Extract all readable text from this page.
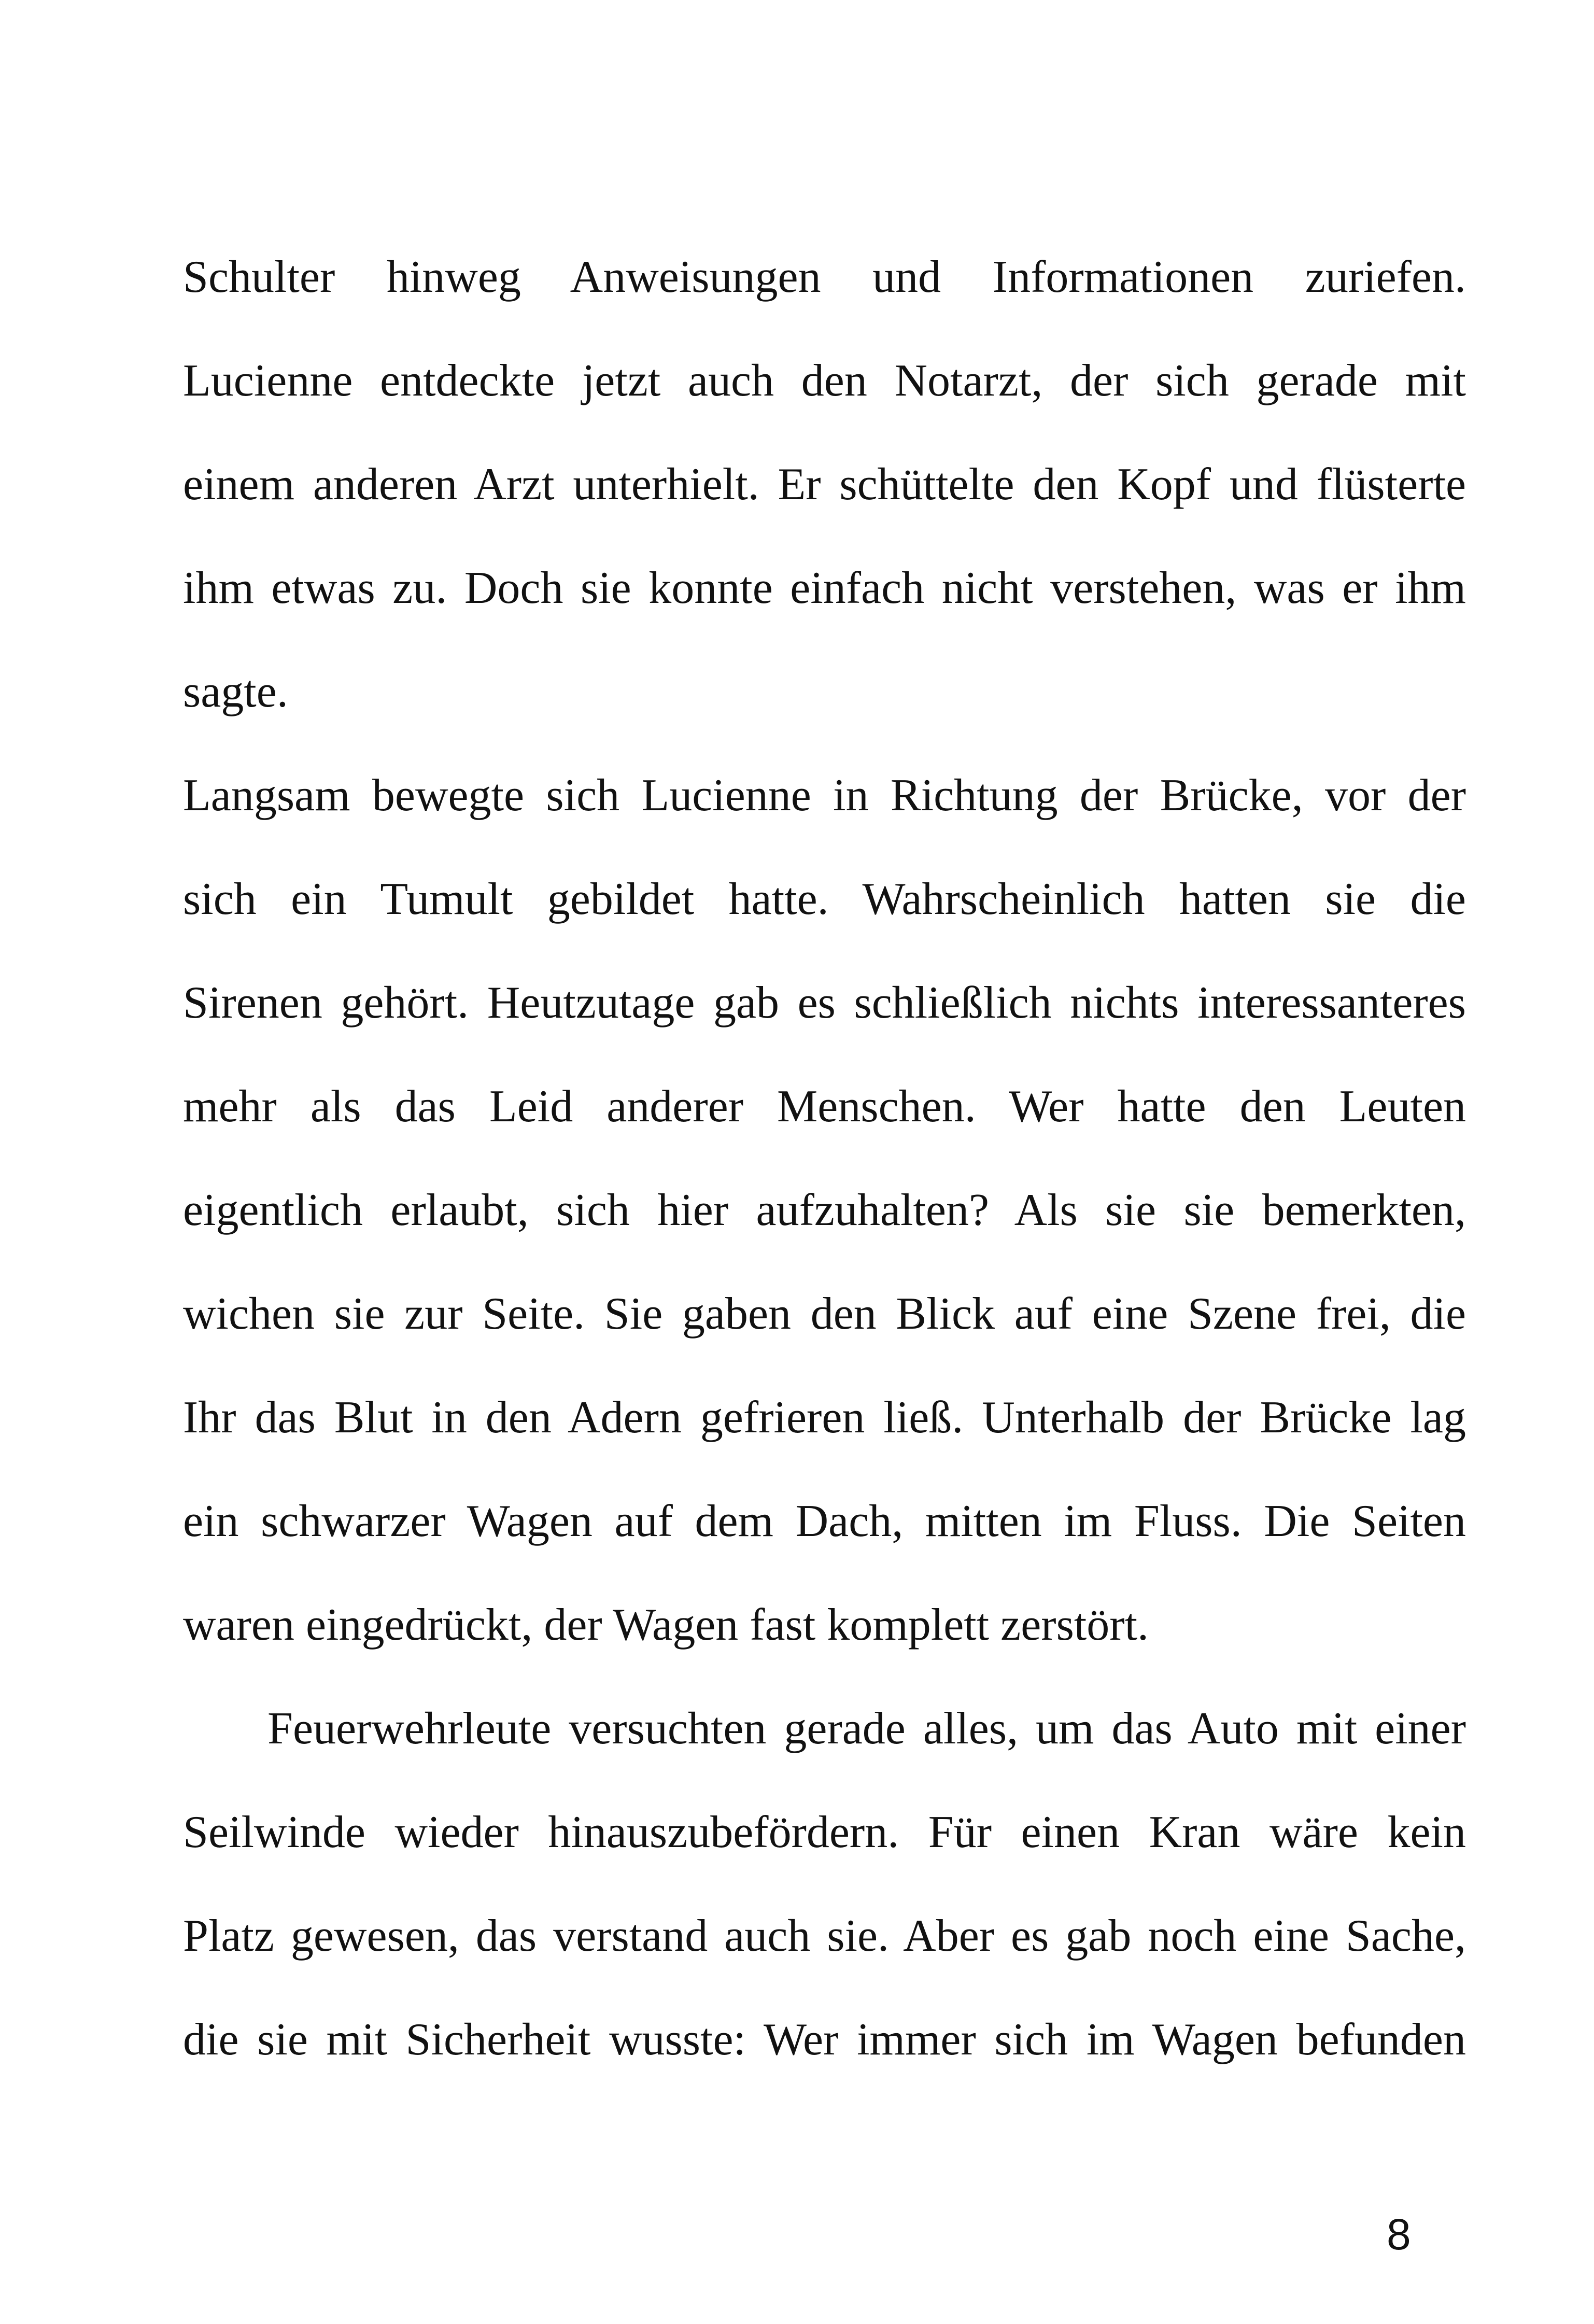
Schulter hinweg Anweisungen und Informationen zuriefen.
Lucienne entdeckte jetzt auch den Notarzt, der sich gerade mit
einem anderen Arzt unterhielt. Er schüttelte den Kopf und flüsterte
ihm etwas zu. Doch sie konnte einfach nicht verstehen, was er ihm
sagte.
Langsam bewegte sich Lucienne in Richtung der Brücke, vor der
sich ein Tumult gebildet hatte. Wahrscheinlich hatten sie die
Sirenen gehört. Heutzutage gab es schließlich nichts interessanteres
mehr als das Leid anderer Menschen. Wer hatte den Leuten
eigentlich erlaubt, sich hier aufzuhalten? Als sie sie bemerkten,
wichen sie zur Seite. Sie gaben den Blick auf eine Szene frei, die
Ihr das Blut in den Adern gefrieren ließ. Unterhalb der Brücke lag
ein schwarzer Wagen auf dem Dach, mitten im Fluss. Die Seiten
waren eingedrückt, der Wagen fast komplett zerstört.
Feuerwehrleute versuchten gerade alles, um das Auto mit einer
Seilwinde wieder hinauszubefördern. Für einen Kran wäre kein
Platz gewesen, das verstand auch sie. Aber es gab noch eine Sache,
die sie mit Sicherheit wusste: Wer immer sich im Wagen befunden
8
